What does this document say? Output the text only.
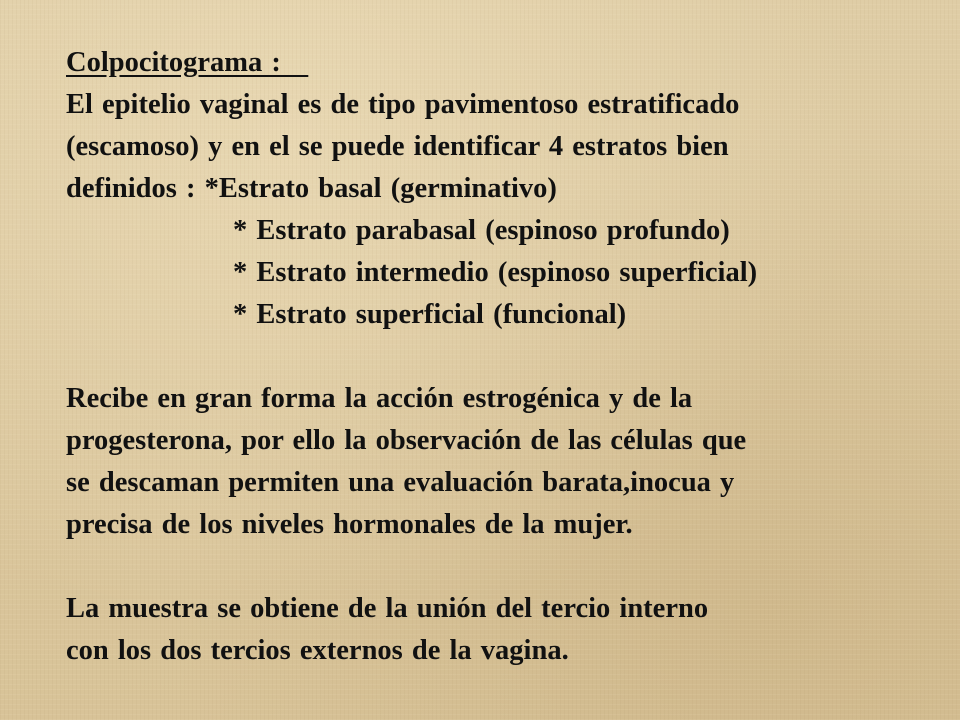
Colpocitograma :
El epitelio vaginal es de tipo pavimentoso estratificado
(escamoso) y en el se puede identificar 4 estratos bien
definidos : *Estrato basal (germinativo)
* Estrato parabasal (espinoso profundo)
* Estrato intermedio (espinoso superficial)
* Estrato superficial (funcional)
Recibe en gran forma la acción estrogénica y de la
progesterona, por ello la observación de las células que
se descaman permiten una evaluación barata,inocua y
precisa de los niveles hormonales de la mujer.
La muestra se obtiene de la unión del tercio interno
con los dos tercios externos de la vagina.
